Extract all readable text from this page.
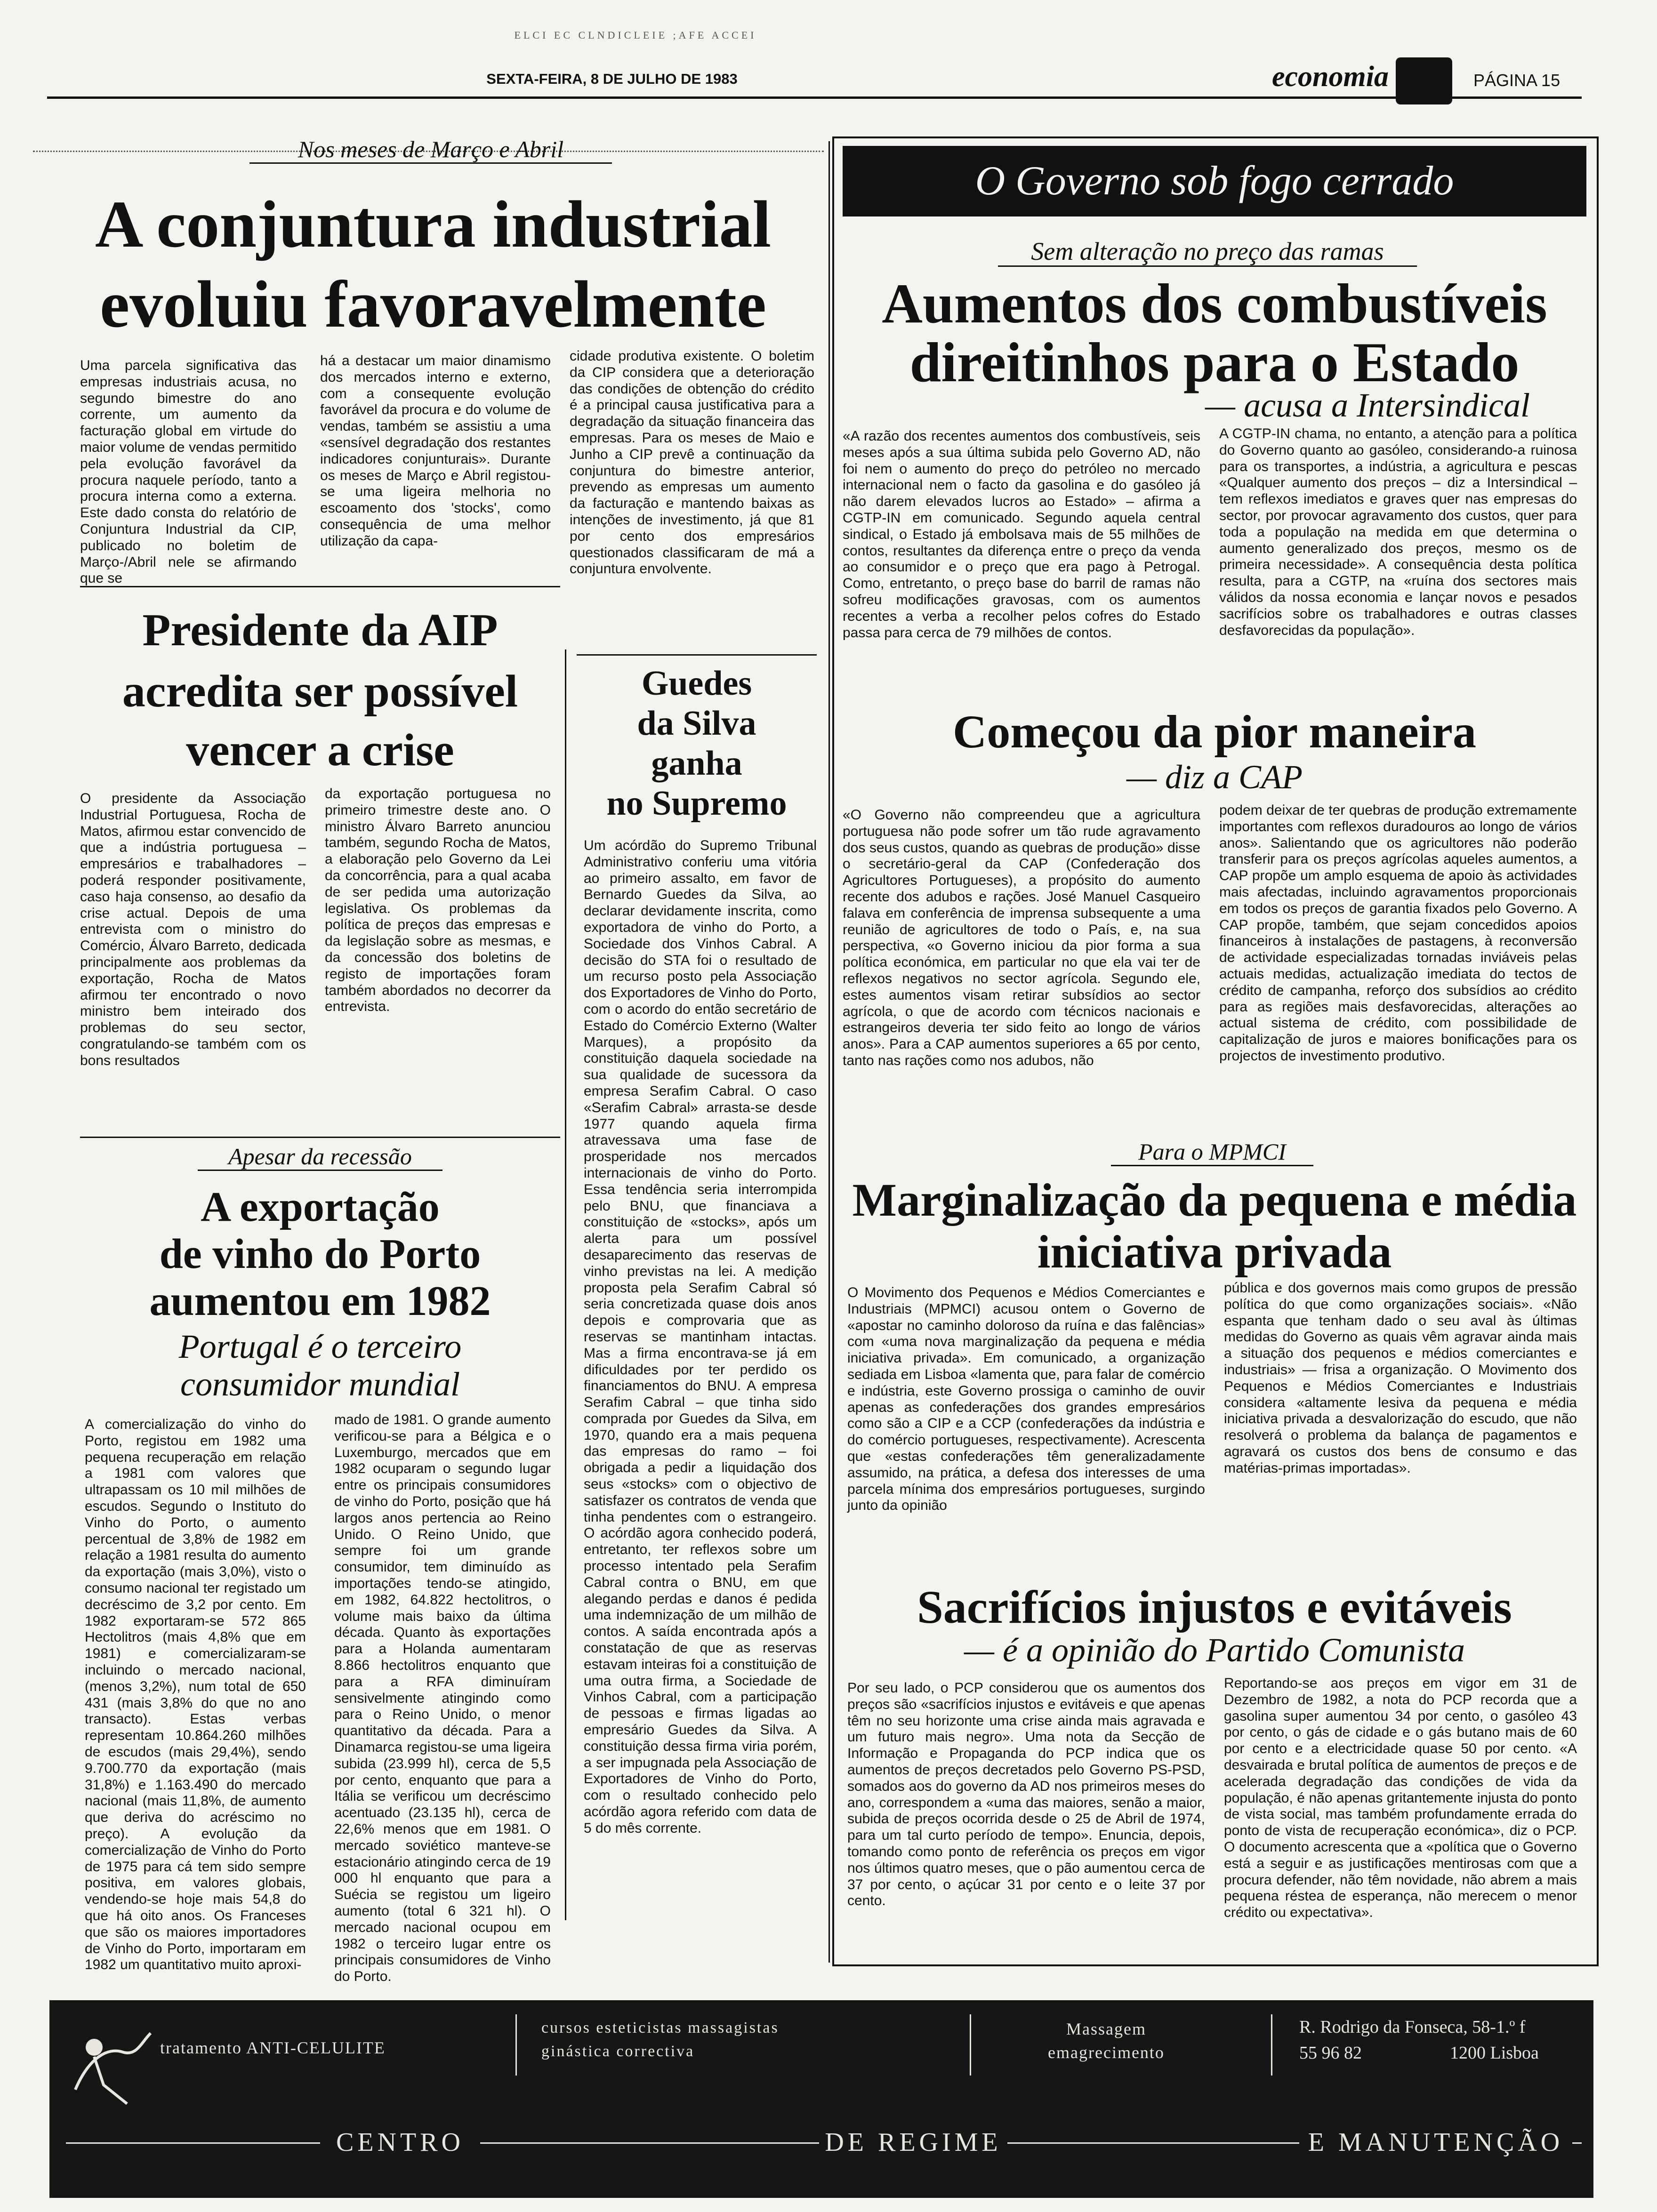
ELCI EC CLNDICLEIE ;AFE ACCEI
SEXTA-FEIRA, 8 DE JULHO DE 1983	economia	PÁGINA 15
Nos meses de Março e Abril
A conjuntura industrial
evoluiu favoravelmente
Uma parcela significativa das empresas industriais acusa, no segundo bimestre do ano corrente, um aumento da facturação global em virtude do maior volume de vendas permitido pela evolução favorável da procura naquele período, tanto a procura interna como a externa. Este dado consta do relatório de Conjuntura Industrial da CIP, publicado no boletim de Março-/Abril nele se afirmando que se
há a destacar um maior dinamismo dos mercados interno e externo, com a consequente evolução favorável da procura e do volume de vendas, também se assistiu a uma «sensível degradação dos restantes indicadores conjunturais». Durante os meses de Março e Abril registou-se uma ligeira melhoria no escoamento dos 'stocks', como consequência de uma melhor utilização da capa-
cidade produtiva existente. O boletim da CIP considera que a deterioração das condições de obtenção do crédito é a principal causa justificativa para a degradação da situação financeira das empresas. Para os meses de Maio e Junho a CIP prevê a continuação da conjuntura do bimestre anterior, prevendo as empresas um aumento da facturação e mantendo baixas as intenções de investimento, já que 81 por cento dos empresários questionados classificaram de má a conjuntura envolvente.
Presidente da AIP
acredita ser possível
vencer a crise
O presidente da Associação Industrial Portuguesa, Rocha de Matos, afirmou estar convencido de que a indústria portuguesa – empresários e trabalhadores – poderá responder positivamente, caso haja consenso, ao desafio da crise actual. Depois de uma entrevista com o ministro do Comércio, Álvaro Barreto, dedicada principalmente aos problemas da exportação, Rocha de Matos afirmou ter encontrado o novo ministro bem inteirado dos problemas do seu sector, congratulando-se também com os bons resultados
da exportação portuguesa no primeiro trimestre deste ano. O ministro Álvaro Barreto anunciou também, segundo Rocha de Matos, a elaboração pelo Governo da Lei da concorrência, para a qual acaba de ser pedida uma autorização legislativa. Os problemas da política de preços das empresas e da legislação sobre as mesmas, e da concessão dos boletins de registo de importações foram também abordados no decorrer da entrevista.
Guedes
da Silva
ganha
no Supremo
Um acórdão do Supremo Tribunal Administrativo conferiu uma vitória ao primeiro assalto, em favor de Bernardo Guedes da Silva, ao declarar devidamente inscrita, como exportadora de vinho do Porto, a Sociedade dos Vinhos Cabral. A decisão do STA foi o resultado de um recurso posto pela Associação dos Exportadores de Vinho do Porto, com o acordo do então secretário de Estado do Comércio Externo (Walter Marques), a propósito da constituição daquela sociedade na sua qualidade de sucessora da empresa Serafim Cabral. O caso «Serafim Cabral» arrasta-se desde 1977 quando aquela firma atravessava uma fase de prosperidade nos mercados internacionais de vinho do Porto. Essa tendência seria interrompida pelo BNU, que financiava a constituição de «stocks», após um alerta para um possível desaparecimento das reservas de vinho previstas na lei. A medição proposta pela Serafim Cabral só seria concretizada quase dois anos depois e comprovaria que as reservas se mantinham intactas. Mas a firma encontrava-se já em dificuldades por ter perdido os financiamentos do BNU. A empresa Serafim Cabral – que tinha sido comprada por Guedes da Silva, em 1970, quando era a mais pequena das empresas do ramo – foi obrigada a pedir a liquidação dos seus «stocks» com o objectivo de satisfazer os contratos de venda que tinha pendentes com o estrangeiro. O acórdão agora conhecido poderá, entretanto, ter reflexos sobre um processo intentado pela Serafim Cabral contra o BNU, em que alegando perdas e danos é pedida uma indemnização de um milhão de contos. A saída encontrada após a constatação de que as reservas estavam inteiras foi a constituição de uma outra firma, a Sociedade de Vinhos Cabral, com a participação de pessoas e firmas ligadas ao empresário Guedes da Silva. A constituição dessa firma viria porém, a ser impugnada pela Associação de Exportadores de Vinho do Porto, com o resultado conhecido pelo acórdão agora referido com data de 5 do mês corrente.
Apesar da recessão
A exportação
de vinho do Porto
aumentou em 1982
Portugal é o terceiro
consumidor mundial
A comercialização do vinho do Porto, registou em 1982 uma pequena recuperação em relação a 1981 com valores que ultrapassam os 10 mil milhões de escudos. Segundo o Instituto do Vinho do Porto, o aumento percentual de 3,8% de 1982 em relação a 1981 resulta do aumento da exportação (mais 3,0%), visto o consumo nacional ter registado um decréscimo de 3,2 por cento. Em 1982 exportaram-se 572 865 Hectolitros (mais 4,8% que em 1981) e comercializaram-se incluindo o mercado nacional, (menos 3,2%), num total de 650 431 (mais 3,8% do que no ano transacto). Estas verbas representam 10.864.260 milhões de escudos (mais 29,4%), sendo 9.700.770 da exportação (mais 31,8%) e 1.163.490 do mercado nacional (mais 11,8%, de aumento que deriva do acréscimo no preço). A evolução da comercialização de Vinho do Porto de 1975 para cá tem sido sempre positiva, em valores globais, vendendo-se hoje mais 54,8 do que há oito anos. Os Franceses que são os maiores importadores de Vinho do Porto, importaram em 1982 um quantitativo muito aproxi-
mado de 1981. O grande aumento verificou-se para a Bélgica e o Luxemburgo, mercados que em 1982 ocuparam o segundo lugar entre os principais consumidores de vinho do Porto, posição que há largos anos pertencia ao Reino Unido. O Reino Unido, que sempre foi um grande consumidor, tem diminuído as importações tendo-se atingido, em 1982, 64.822 hectolitros, o volume mais baixo da última década. Quanto às exportações para a Holanda aumentaram 8.866 hectolitros enquanto que para a RFA diminuíram sensivelmente atingindo como para o Reino Unido, o menor quantitativo da década. Para a Dinamarca registou-se uma ligeira subida (23.999 hl), cerca de 5,5 por cento, enquanto que para a Itália se verificou um decréscimo acentuado (23.135 hl), cerca de 22,6% menos que em 1981. O mercado soviético manteve-se estacionário atingindo cerca de 19 000 hl enquanto que para a Suécia se registou um ligeiro aumento (total 6 321 hl). O mercado nacional ocupou em 1982 o terceiro lugar entre os principais consumidores de Vinho do Porto.
O Governo sob fogo cerrado
Sem alteração no preço das ramas
Aumentos dos combustíveis
direitinhos para o Estado
— acusa a Intersindical
«A razão dos recentes aumentos dos combustíveis, seis meses após a sua última subida pelo Governo AD, não foi nem o aumento do preço do petróleo no mercado internacional nem o facto da gasolina e do gasóleo já não darem elevados lucros ao Estado» – afirma a CGTP-IN em comunicado. Segundo aquela central sindical, o Estado já embolsava mais de 55 milhões de contos, resultantes da diferença entre o preço da venda ao consumidor e o preço que era pago à Petrogal. Como, entretanto, o preço base do barril de ramas não sofreu modificações gravosas, com os aumentos recentes a verba a recolher pelos cofres do Estado passa para cerca de 79 milhões de contos.
A CGTP-IN chama, no entanto, a atenção para a política do Governo quanto ao gasóleo, considerando-a ruinosa para os transportes, a indústria, a agricultura e pescas «Qualquer aumento dos preços – diz a Intersindical – tem reflexos imediatos e graves quer nas empresas do sector, por provocar agravamento dos custos, quer para toda a população na medida em que determina o aumento generalizado dos preços, mesmo os de primeira necessidade». A consequência desta política resulta, para a CGTP, na «ruína dos sectores mais válidos da nossa economia e lançar novos e pesados sacrifícios sobre os trabalhadores e outras classes desfavorecidas da população».
Começou da pior maneira
— diz a CAP
«O Governo não compreendeu que a agricultura portuguesa não pode sofrer um tão rude agravamento dos seus custos, quando as quebras de produção» disse o secretário-geral da CAP (Confederação dos Agricultores Portugueses), a propósito do aumento recente dos adubos e rações. José Manuel Casqueiro falava em conferência de imprensa subsequente a uma reunião de agricultores de todo o País, e, na sua perspectiva, «o Governo iniciou da pior forma a sua política económica, em particular no que ela vai ter de reflexos negativos no sector agrícola. Segundo ele, estes aumentos visam retirar subsídios ao sector agrícola, o que de acordo com técnicos nacionais e estrangeiros deveria ter sido feito ao longo de vários anos». Para a CAP aumentos superiores a 65 por cento, tanto nas rações como nos adubos, não
podem deixar de ter quebras de produção extremamente importantes com reflexos duradouros ao longo de vários anos». Salientando que os agricultores não poderão transferir para os preços agrícolas aqueles aumentos, a CAP propõe um amplo esquema de apoio às actividades mais afectadas, incluindo agravamentos proporcionais em todos os preços de garantia fixados pelo Governo. A CAP propõe, também, que sejam concedidos apoios financeiros à instalações de pastagens, à reconversão de actividade especializadas tornadas inviáveis pelas actuais medidas, actualização imediata do tectos de crédito de campanha, reforço dos subsídios ao crédito para as regiões mais desfavorecidas, alterações ao actual sistema de crédito, com possibilidade de capitalização de juros e maiores bonificações para os projectos de investimento produtivo.
Para o MPMCI
Marginalização da pequena e média
iniciativa privada
O Movimento dos Pequenos e Médios Comerciantes e Industriais (MPMCI) acusou ontem o Governo de «apostar no caminho doloroso da ruína e das falências» com «uma nova marginalização da pequena e média iniciativa privada». Em comunicado, a organização sediada em Lisboa «lamenta que, para falar de comércio e indústria, este Governo prossiga o caminho de ouvir apenas as confederações dos grandes empresários como são a CIP e a CCP (confederações da indústria e do comércio portugueses, respectivamente). Acrescenta que «estas confederações têm generalizadamente assumido, na prática, a defesa dos interesses de uma parcela mínima dos empresários portugueses, surgindo junto da opinião
pública e dos governos mais como grupos de pressão política do que como organizações sociais». «Não espanta que tenham dado o seu aval às últimas medidas do Governo as quais vêm agravar ainda mais a situação dos pequenos e médios comerciantes e industriais» — frisa a organização. O Movimento dos Pequenos e Médios Comerciantes e Industriais considera «altamente lesiva da pequena e média iniciativa privada a desvalorização do escudo, que não resolverá o problema da balança de pagamentos e agravará os custos dos bens de consumo e das matérias-primas importadas».
Sacrifícios injustos e evitáveis
— é a opinião do Partido Comunista
Por seu lado, o PCP considerou que os aumentos dos preços são «sacrifícios injustos e evitáveis e que apenas têm no seu horizonte uma crise ainda mais agravada e um futuro mais negro». Uma nota da Secção de Informação e Propaganda do PCP indica que os aumentos de preços decretados pelo Governo PS-PSD, somados aos do governo da AD nos primeiros meses do ano, correspondem a «uma das maiores, senão a maior, subida de preços ocorrida desde o 25 de Abril de 1974, para um tal curto período de tempo». Enuncia, depois, tomando como ponto de referência os preços em vigor nos últimos quatro meses, que o pão aumentou cerca de 37 por cento, o açúcar 31 por cento e o leite 37 por cento.
Reportando-se aos preços em vigor em 31 de Dezembro de 1982, a nota do PCP recorda que a gasolina super aumentou 34 por cento, o gasóleo 43 por cento, o gás de cidade e o gás butano mais de 60 por cento e a electricidade quase 50 por cento. «A desvairada e brutal política de aumentos de preços e de acelerada degradação das condições de vida da população, é não apenas gritantemente injusta do ponto de vista social, mas também profundamente errada do ponto de vista de recuperação económica», diz o PCP. O documento acrescenta que a «política que o Governo está a seguir e as justificações mentirosas com que a procura defender, não têm novidade, não abrem a mais pequena réstea de esperança, não merecem o menor crédito ou expectativa».
tratamento ANTI-CELULITE
cursos esteticistas massagistas
ginástica correctiva
Massagem
emagrecimento
R. Rodrigo da Fonseca, 58-1.º f
55 96 82	1200 Lisboa
CENTRO	DE REGIME	E MANUTENÇÃO
